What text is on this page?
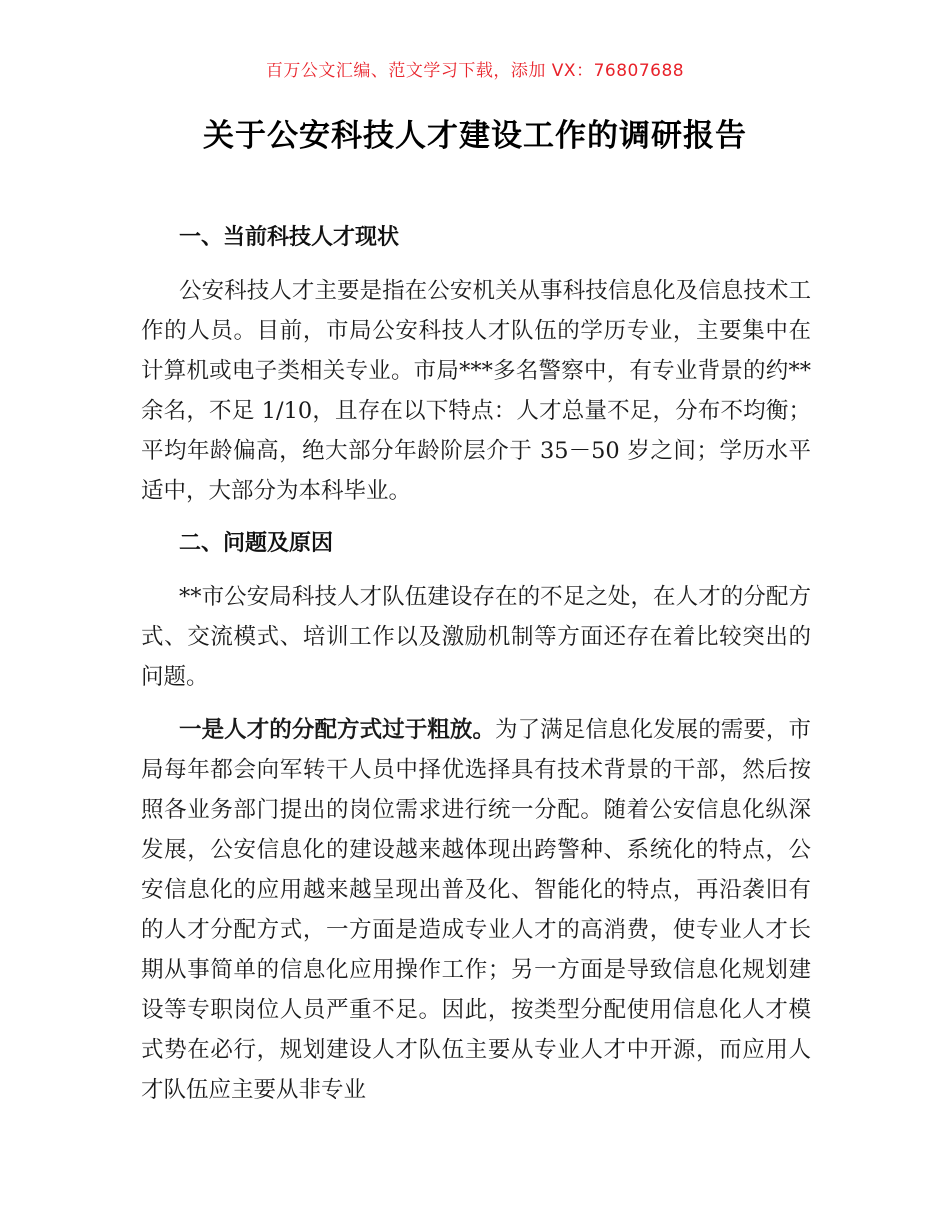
百万公文汇编、范文学习下载，添加 VX：76807688
关于公安科技人才建设工作的调研报告
一、当前科技人才现状

公安科技人才主要是指在公安机关从事科技信息化及信息技术工作的人员。目前，市局公安科技人才队伍的学历专业，主要集中在计算机或电子类相关专业。市局***多名警察中，有专业背景的约**余名，不足 1/10，且存在以下特点：人才总量不足，分布不均衡；平均年龄偏高，绝大部分年龄阶层介于 35－50 岁之间；学历水平适中，大部分为本科毕业。

二、问题及原因

**市公安局科技人才队伍建设存在的不足之处，在人才的分配方式、交流模式、培训工作以及激励机制等方面还存在着比较突出的问题。

一是人才的分配方式过于粗放。为了满足信息化发展的需要，市局每年都会向军转干人员中择优选择具有技术背景的干部，然后按照各业务部门提出的岗位需求进行统一分配。随着公安信息化纵深发展，公安信息化的建设越来越体现出跨警种、系统化的特点，公安信息化的应用越来越呈现出普及化、智能化的特点，再沿袭旧有的人才分配方式，一方面是造成专业人才的高消费，使专业人才长期从事简单的信息化应用操作工作；另一方面是导致信息化规划建设等专职岗位人员严重不足。因此，按类型分配使用信息化人才模式势在必行，规划建设人才队伍主要从专业人才中开源，而应用人才队伍应主要从非专业
